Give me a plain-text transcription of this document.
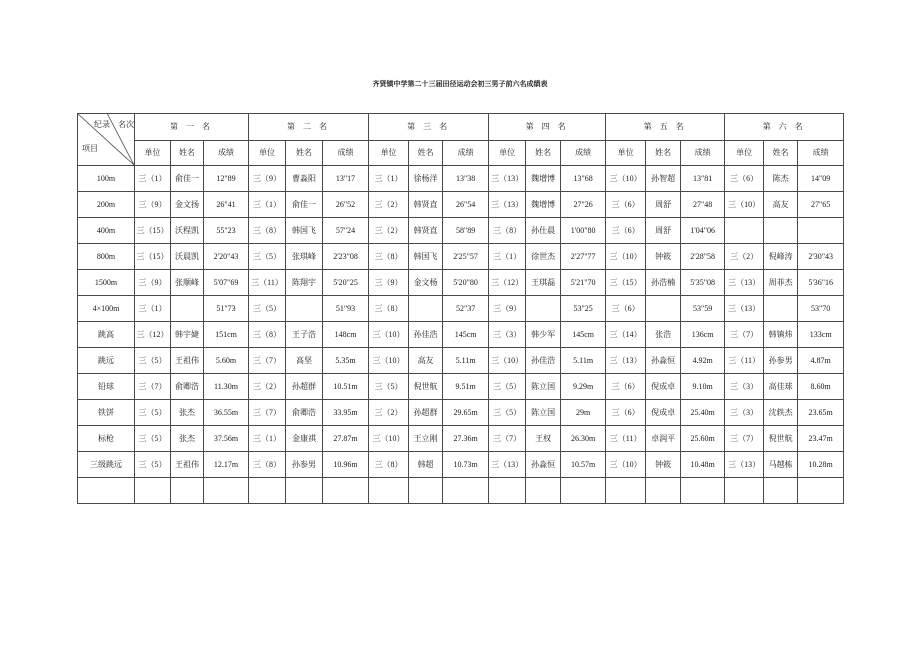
齐贤镇中学第二十三届田径运动会初三男子前六名成绩表
纪录 名次
项目	第 一 名			第 二 名			第 三 名			第 四 名			第 五 名			第 六 名		
	单位	姓名	成绩	单位	姓名	成绩	单位	姓名	成绩	单位	姓名	成绩	单位	姓名	成绩	单位	姓名	成绩
100m	三（1）	俞佳一	12"89	三（9）	曹淼阳	13"17	三（1）	徐杨洋	13"38	三（13）	魏增博	13"68	三（10）	孙智超	13"81	三（6）	陈杰	14"09
200m	三（9）	金文扬	26"41	三（1）	俞佳一	26"52	三（2）	韩贤直	26"54	三（13）	魏增博	27"26	三（6）	周舒	27"48	三（10）	高友	27"65
400m	三（15）	沃程凯	55"23	三（8）	韩国飞	57"24	三（2）	韩贤直	58"89	三（8）	孙仕晨	1'00"80	三（6）	周舒	1'04"06			
800m	三（15）	沃晨凯	2'20"43	三（5）	张琪峰	2'23"08	三（8）	韩国飞	2'25"57	三（1）	徐世杰	2'27"77	三（10）	钟筱	2'28"58	三（2）	倪峰涛	2'30"43
1500m	三（9）	张顺峰	5'07"69	三（11）	陈翔宇	5'20"25	三（9）	金文杨	5'20"80	三（12）	王琪磊	5'21"70	三（15）	孙浩楠	5'35"08	三（13）	周菲杰	5'36"16
4×100m	三（1）		51"73	三（5）		51"93	三（8）		52"37	三（9）		53"25	三（6）		53"59	三（13）		53"70
跳高	三（12）	韩宇婕	151cm	三（8）	王子浩	148cm	三（10）	孙佳浩	145cm	三（3）	韩少军	145cm	三（14）	张浩	136cm	三（7）	韩镇炜	133cm
跳远	三（5）	王祖伟	5.60m	三（7）	高坚	5.35m	三（10）	高友	5.11m	三（10）	孙佳浩	5.11m	三（13）	孙淼恒	4.92m	三（11）	孙参男	4.87m
铅球	三（7）	俞卿浩	11.30m	三（2）	孙超群	10.51m	三（5）	倪世航	9.51m	三（5）	陈立国	9.29m	三（6）	倪成卓	9.10m	三（3）	高佳球	8.60m
铁饼	三（5）	张杰	36.55m	三（7）	俞卿浩	33.95m	三（2）	孙超群	29.65m	三（5）	陈立国	29m	三（6）	倪成卓	25.40m	三（3）	沈轶杰	23.65m
标枪	三（5）	张杰	37.56m	三（1）	金康祺	27.87m	三（10）	王立刚	27.36m	三（7）	王权	26.30m	三（11）	卓润平	25.60m	三（7）	倪世航	23.47m
三级跳远	三（5）	王祖伟	12.17m	三（8）	孙参男	10.96m	三（8）	韩超	10.73m	三（13）	孙淼恒	10.57m	三（10）	钟筱	10.48m	三（13）	马越栋	10.28m
